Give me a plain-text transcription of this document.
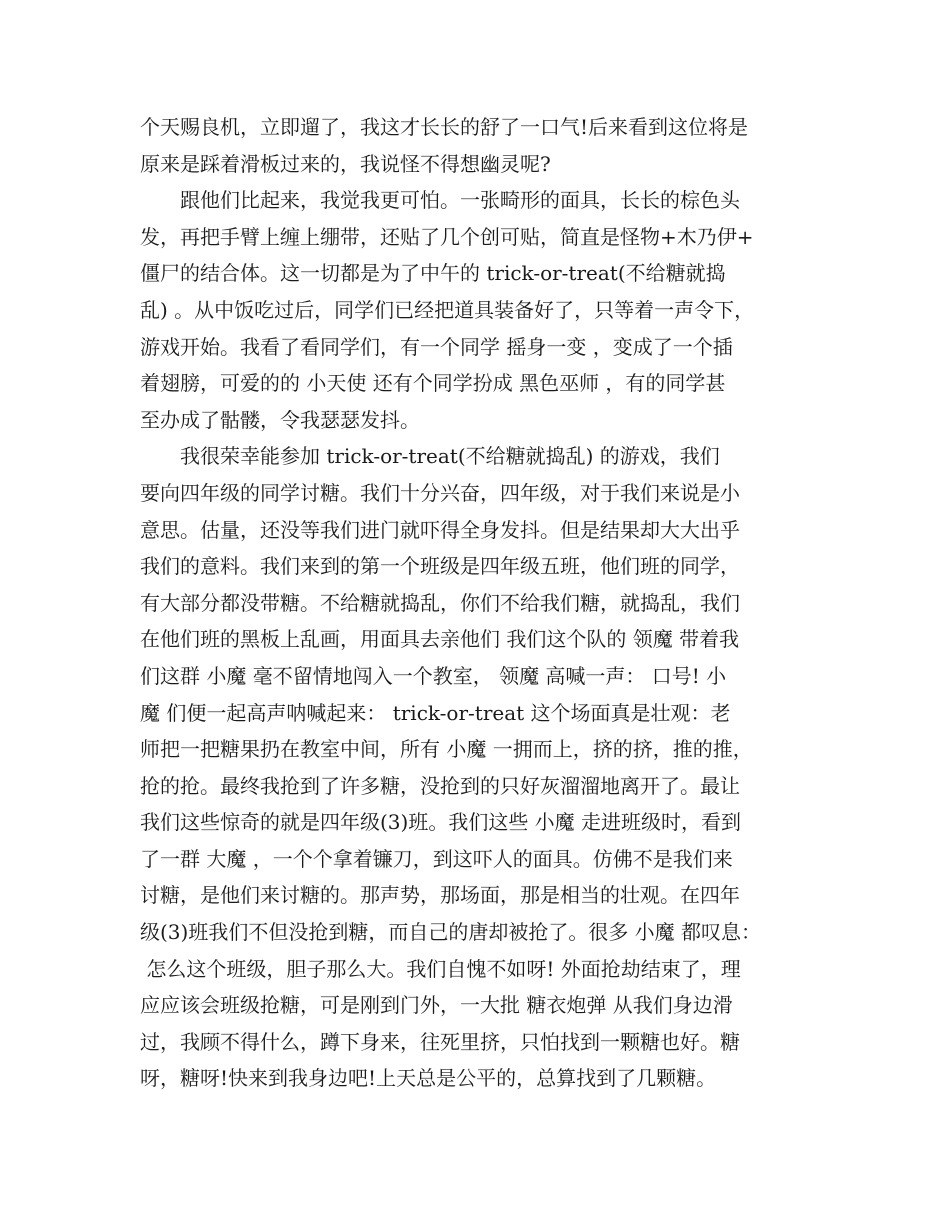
个天赐良机，立即遛了，我这才长长的舒了一口气!后来看到这位将是
原来是踩着滑板过来的，我说怪不得想幽灵呢?
　　跟他们比起来，我觉我更可怕。一张畸形的面具，长长的棕色头
发，再把手臂上缠上绷带，还贴了几个创可贴，简直是怪物+木乃伊+
僵尸的结合体。这一切都是为了中午的 trick-or-treat(不给糖就捣
乱) 。从中饭吃过后，同学们已经把道具装备好了，只等着一声令下，
游戏开始。我看了看同学们，有一个同学 摇身一变 ，变成了一个插
着翅膀，可爱的的 小天使 还有个同学扮成 黑色巫师 ，有的同学甚
至办成了骷髅，令我瑟瑟发抖。
　　我很荣幸能参加 trick-or-treat(不给糖就捣乱) 的游戏，我们
要向四年级的同学讨糖。我们十分兴奋，四年级，对于我们来说是小
意思。估量，还没等我们进门就吓得全身发抖。但是结果却大大出乎
我们的意料。我们来到的第一个班级是四年级五班，他们班的同学，
有大部分都没带糖。不给糖就捣乱，你们不给我们糖，就捣乱，我们
在他们班的黑板上乱画，用面具去亲他们 我们这个队的 领魔 带着我
们这群 小魔 毫不留情地闯入一个教室， 领魔 高喊一声： 口号! 小
魔 们便一起高声呐喊起来： trick-or-treat 这个场面真是壮观：老
师把一把糖果扔在教室中间，所有 小魔 一拥而上，挤的挤，推的推，
抢的抢。最终我抢到了许多糖，没抢到的只好灰溜溜地离开了。最让
我们这些惊奇的就是四年级(3)班。我们这些 小魔 走进班级时，看到
了一群 大魔 ，一个个拿着镰刀，到这吓人的面具。仿佛不是我们来
讨糖，是他们来讨糖的。那声势，那场面，那是相当的壮观。在四年
级(3)班我们不但没抢到糖，而自己的唐却被抢了。很多 小魔 都叹息：
怎么这个班级，胆子那么大。我们自愧不如呀! 外面抢劫结束了，理
应应该会班级抢糖，可是刚到门外，一大批 糖衣炮弹 从我们身边滑
过，我顾不得什么，蹲下身来，往死里挤，只怕找到一颗糖也好。糖
呀，糖呀!快来到我身边吧!上天总是公平的，总算找到了几颗糖。
